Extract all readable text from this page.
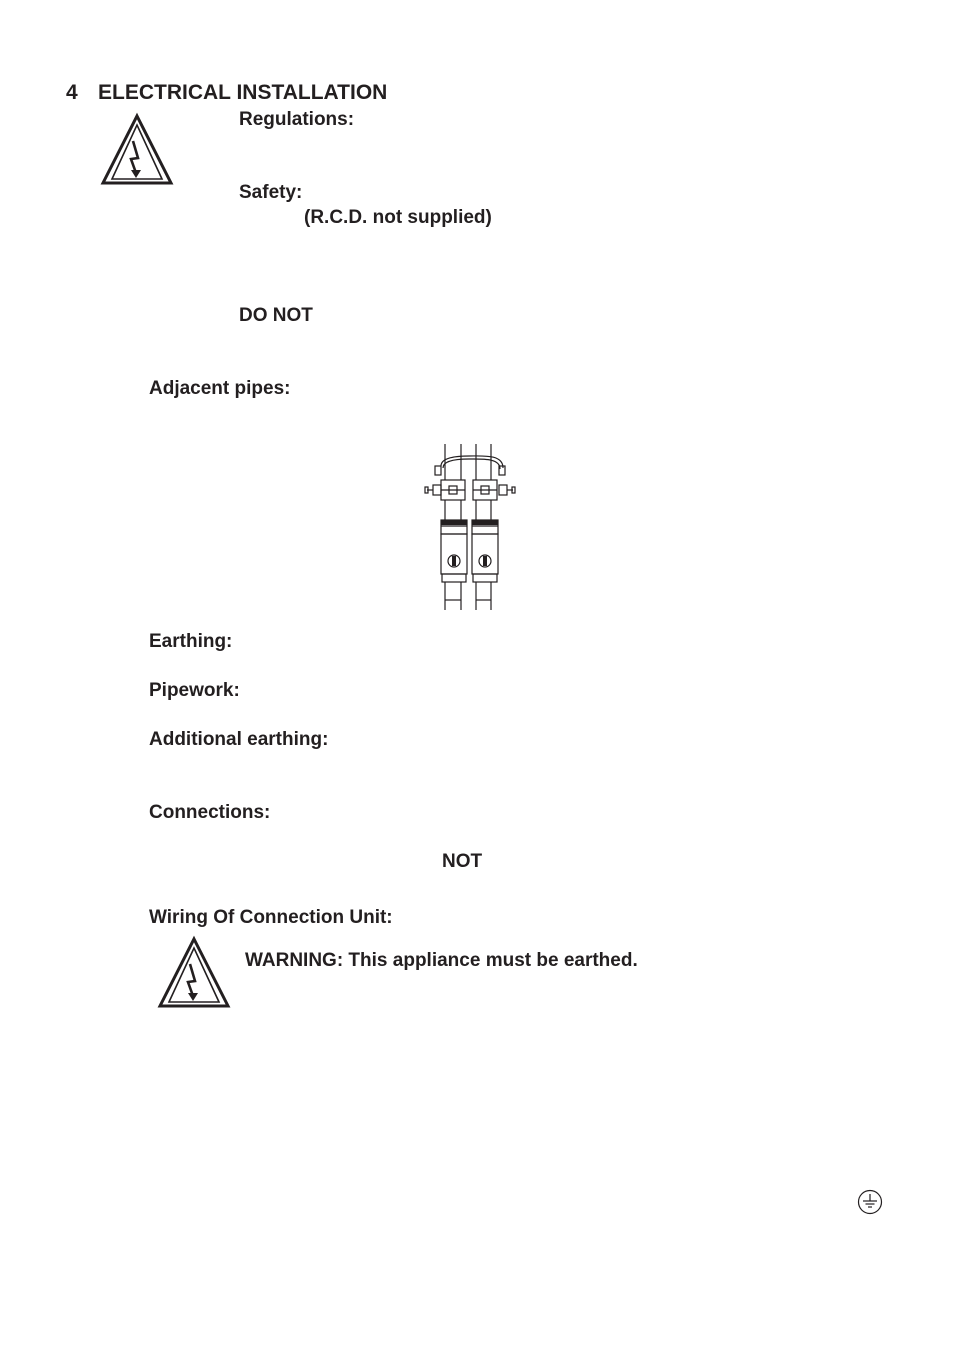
4 ELECTRICAL INSTALLATION
Regulations:
Safety:
(R.C.D. not supplied)
DO NOT
Adjacent pipes:
Earthing:
Pipework:
Additional earthing:
Connections:
NOT
Wiring Of Connection Unit:
WARNING: This appliance must be earthed.
